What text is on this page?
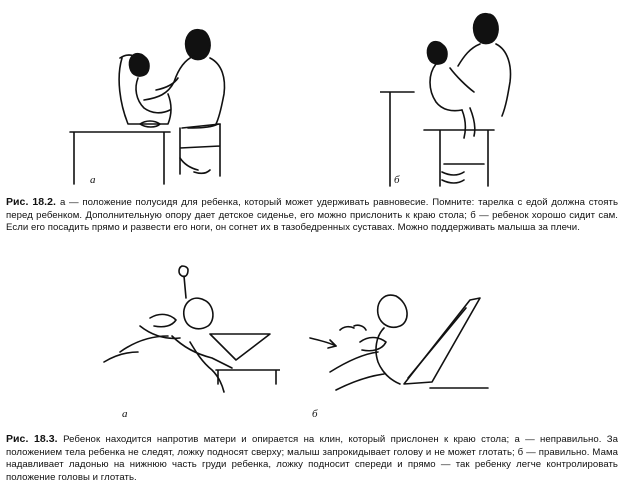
а	б
Рис. 18.2. а — положение полусидя для ребенка, который может удерживать равновесие. Помните: тарелка с едой должна стоять перед ребенком. Дополнительную опору дает детское сиденье, его можно прислонить к краю стола; б — ребенок хорошо сидит сам. Если его посадить прямо и развести его ноги, он согнет их в тазобедренных суставах. Можно поддерживать малыша за плечи.
а	б
Рис. 18.3. Ребенок находится напротив матери и опирается на клин, который прислонен к краю стола; а — неправильно. За положением тела ребенка не следят, ложку подносят сверху; малыш запрокидывает голову и не может глотать; б — правильно. Мама надавливает ладонью на нижнюю часть груди ребенка, ложку подносит спереди и прямо — так ребенку легче контролировать положение головы и глотать.
